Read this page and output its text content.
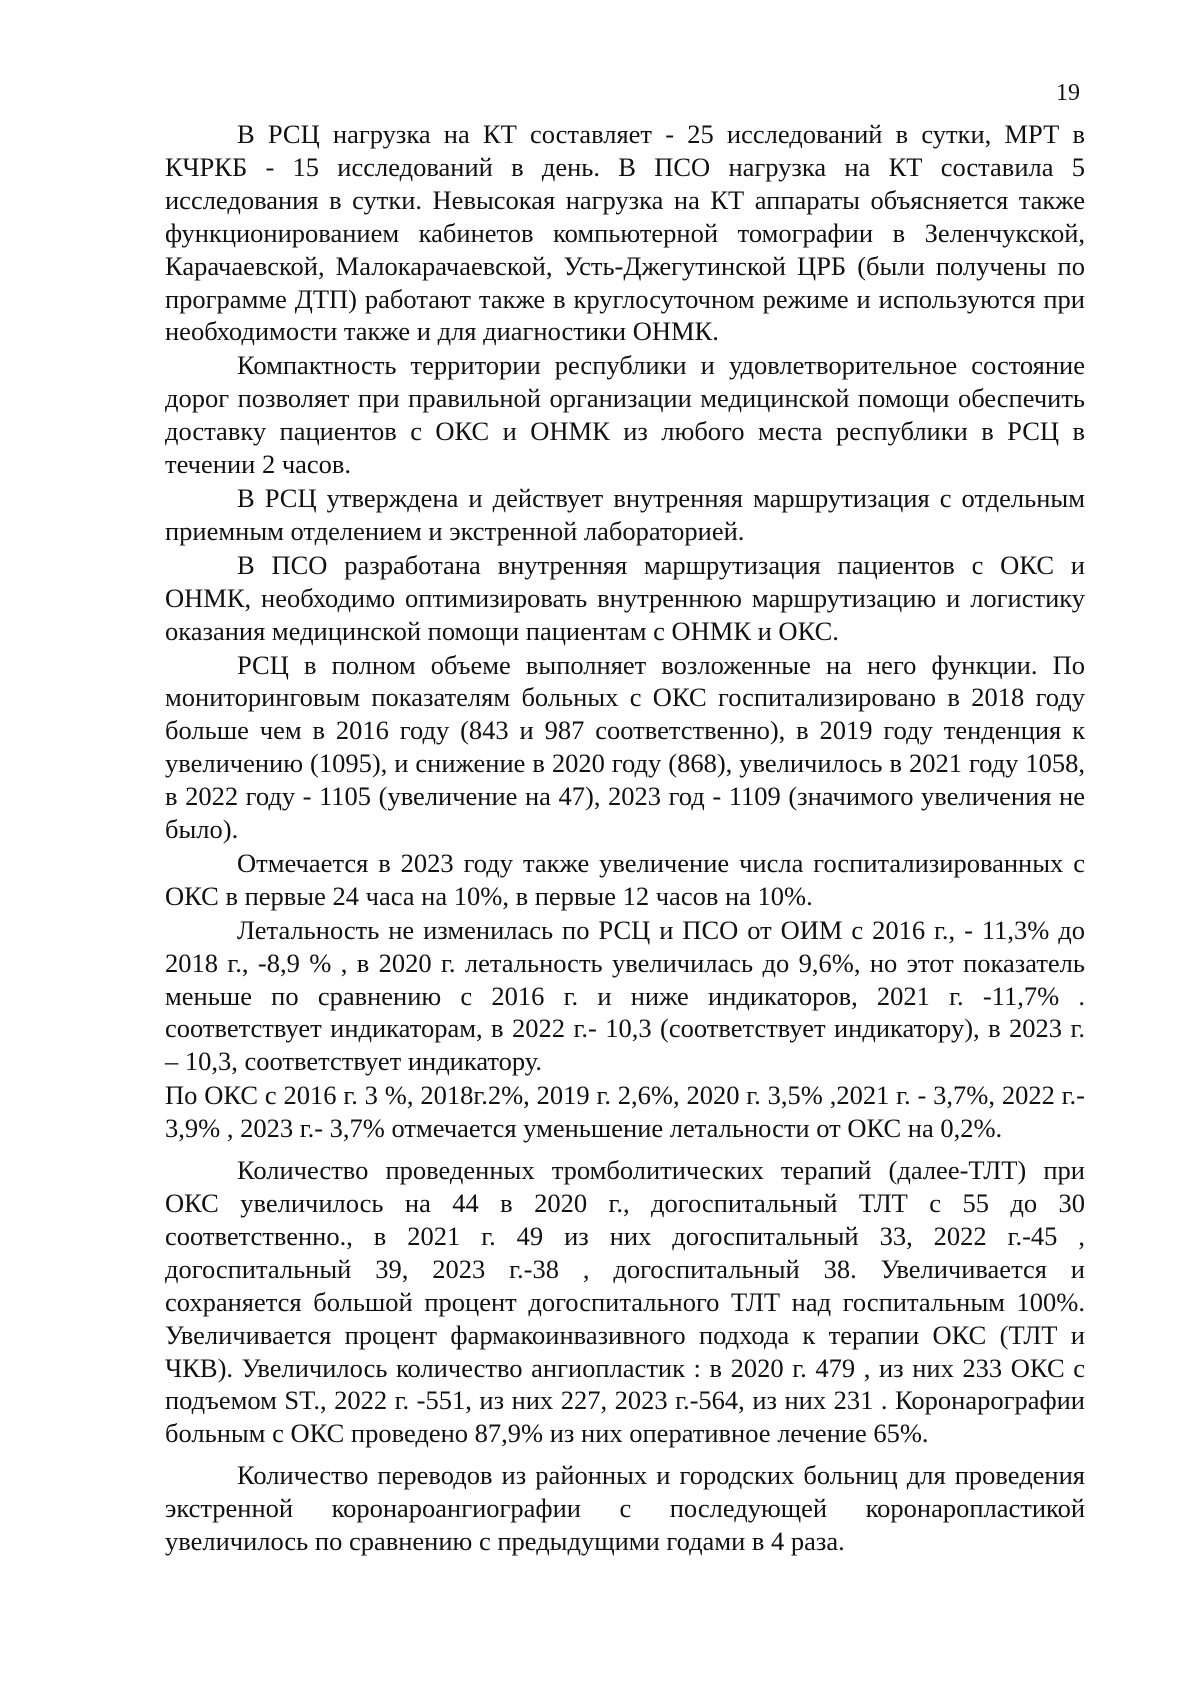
19

В РСЦ нагрузка на КТ составляет - 25 исследований в сутки, МРТ в КЧРКБ - 15 исследований в день. В ПСО нагрузка на КТ составила 5 исследования в сутки. Невысокая нагрузка на КТ аппараты объясняется также функционированием кабинетов компьютерной томографии в Зеленчукской, Карачаевской, Малокарачаевской, Усть-Джегутинской ЦРБ (были получены по программе ДТП) работают также в круглосуточном режиме и используются при необходимости также и для диагностики ОНМК.

Компактность территории республики и удовлетворительное состояние дорог позволяет при правильной организации медицинской помощи обеспечить доставку пациентов с ОКС и ОНМК из любого места республики в РСЦ в течении 2 часов.

В РСЦ утверждена и действует внутренняя маршрутизация с отдельным приемным отделением и экстренной лабораторией.

В ПСО разработана внутренняя маршрутизация пациентов с ОКС и ОНМК, необходимо оптимизировать внутреннюю маршрутизацию и логистику оказания медицинской помощи пациентам с ОНМК и ОКС.

РСЦ в полном объеме выполняет возложенные на него функции. По мониторинговым показателям больных с ОКС госпитализировано в 2018 году больше чем в 2016 году (843 и 987 соответственно), в 2019 году тенденция к увеличению (1095), и снижение в 2020 году (868), увеличилось в 2021 году 1058, в 2022 году - 1105 (увеличение на 47), 2023 год - 1109 (значимого увеличения не было).

Отмечается в 2023 году также увеличение числа госпитализированных с ОКС в первые 24 часа на 10%, в первые 12 часов на 10%.

Летальность не изменилась по РСЦ и ПСО от ОИМ с 2016 г., - 11,3% до 2018 г., -8,9 % , в 2020 г. летальность увеличилась до 9,6%, но этот показатель меньше по сравнению с 2016 г. и ниже индикаторов, 2021 г. -11,7% . соответствует индикаторам, в 2022 г.- 10,3 (соответствует индикатору), в 2023 г. – 10,3, соответствует индикатору.

По ОКС с 2016 г. 3 %, 2018г.2%, 2019 г. 2,6%, 2020 г. 3,5% ,2021 г. - 3,7%, 2022 г.- 3,9% , 2023 г.- 3,7% отмечается уменьшение летальности от ОКС на 0,2%.

Количество проведенных тромболитических терапий (далее-ТЛТ) при ОКС увеличилось на 44 в 2020 г., догоспитальный ТЛТ с 55 до 30 соответственно., в 2021 г. 49 из них догоспитальный 33, 2022 г.-45 , догоспитальный 39, 2023 г.-38 , догоспитальный 38. Увеличивается и сохраняется большой процент догоспитального ТЛТ над госпитальным 100%. Увеличивается процент фармакоинвазивного подхода к терапии ОКС (ТЛТ и ЧКВ). Увеличилось количество ангиопластик : в 2020 г. 479 , из них 233 ОКС с подъемом ST., 2022 г. -551, из них 227, 2023 г.-564, из них 231 . Коронарографии больным с ОКС проведено 87,9% из них оперативное лечение 65%.

Количество переводов из районных и городских больниц для проведения экстренной коронароангиографии с последующей коронаропластикой увеличилось по сравнению с предыдущими годами в 4 раза.
